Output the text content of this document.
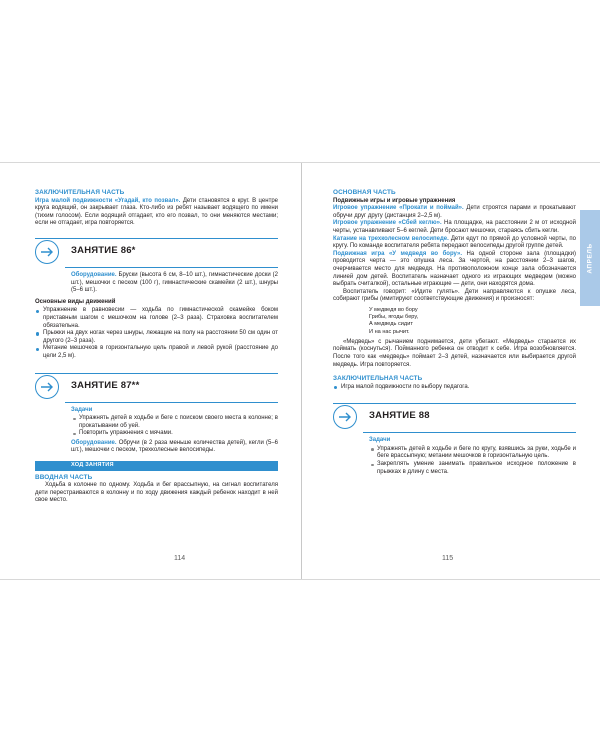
ЗАКЛЮЧИТЕЛЬНАЯ ЧАСТЬ

Игра малой подвижности «Угадай, кто позвал». Дети становятся в круг. В центре круга водящий, он закрывает глаза. Кто-либо из ребят называет водящего по имени (тихим голосом). Если водящий отгадает, кто его позвал, то они меняются местами; если не отгадает, игра повторяется.

ЗАНЯТИЕ 86*

Оборудование. Бруски (высота 6 см, 8–10 шт.), гимнастические доски (2 шт.), мешочки с песком (100 г), гимнастические скамейки (2 шт.), шнуры (5–6 шт.).

Основные виды движений
Упражнение в равновесии — ходьба по гимнастической скамейке боком приставным шагом с мешочком на голове (2–3 раза). Страховка воспитателем обязательна.
Прыжки на двух ногах через шнуры, лежащие на полу на расстоянии 50 см один от другого (2–3 раза).
Метание мешочков в горизонтальную цель правой и левой рукой (расстояние до цели 2,5 м).
ЗАНЯТИЕ 87**
Задачи
Упражнять детей в ходьбе и беге с поиском своего места в колонне; в прокатывании об уей.
Повторить упражнения с мячами.

Оборудование. Обручи (в 2 раза меньше количества детей), кегли (5–6 шт.), мешочки с песком, трехколесные велосипеды.

ХОД ЗАНЯТИЯ
ВВОДНАЯ ЧАСТЬ

Ходьба в колонне по одному. Ходьба и бег врассыпную, на сигнал воспитателя дети перестраиваются в колонну и по ходу движения каждый ребенок находит в ней свое место.

114
ОСНОВНАЯ ЧАСТЬ
Подвижные игры и игровые упражнения

Игровое упражнение «Прокати и поймай». Дети строятся парами и прокатывают обручи друг другу (дистанция 2–2,5 м).

Игровое упражнение «Сбей кеглю». На площадке, на расстоянии 2 м от исходной черты, устанавливают 5–6 кеглей. Дети бросают мешочки, стараясь сбить кегли.

Катание на трехколесном велосипеде. Дети едут по прямой до условной черты, по кругу. По команде воспитателя ребята передают велосипеды другой группе детей.

Подвижная игра «У медведя во бору». На одной стороне зала (площадки) проводится черта — это опушка леса. За чертой, на расстоянии 2–3 шагов, очерчивается место для медведя. На противоположном конце зала обозначается линией дом детей. Воспитатель назначает одного из играющих медведем (можно выбрать считалкой), остальные играющие — дети, они находятся дома.

Воспитатель говорит: «Идите гулять». Дети направляются к опушке леса, собирают грибы (имитируют соответствующие движения) и произносят:

У медведя во бору
Грибы, ягоды беру,
А медведь сидит
И на нас рычит.

«Медведь» с рычанием поднимается, дети убегают. «Медведь» старается их поймать (коснуться). Пойманного ребенка он отводит к себе. Игра возобновляется. После того как «медведь» поймает 2–3 детей, назначается или выбирается другой медведь. Игра повторяется.

ЗАКЛЮЧИТЕЛЬНАЯ ЧАСТЬ
Игра малой подвижности по выбору педагога.
ЗАНЯТИЕ 88
Задачи
Упражнять детей в ходьбе и беге по кругу, взявшись за руки, ходьбе и беге врассыпную; метании мешочков в горизонтальную цель.
Закреплять умение занимать правильное исходное положение в прыжках в длину с места.
115
АПРЕЛЬ
